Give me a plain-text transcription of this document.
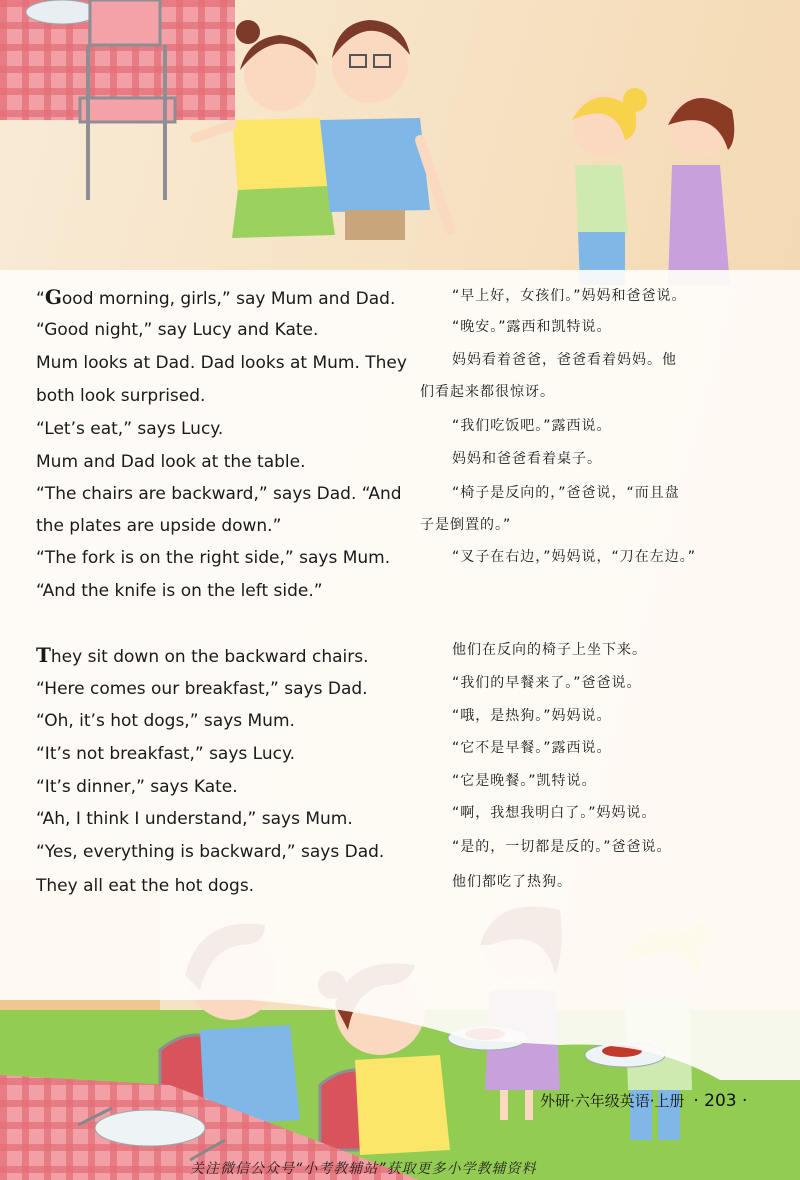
“Good morning, girls,” say Mum and Dad.
“Good night,” say Lucy and Kate.
Mum looks at Dad. Dad looks at Mum. They
both look surprised.
“Let’s eat,” says Lucy.
Mum and Dad look at the table.
“The chairs are backward,” says Dad. “And
the plates are upside down.”
“The fork is on the right side,” says Mum.
“And the knife is on the left side.”
They sit down on the backward chairs.
“Here comes our breakfast,” says Dad.
“Oh, it’s hot dogs,” says Mum.
“It’s not breakfast,” says Lucy.
“It’s dinner,” says Kate.
“Ah, I think I understand,” says Mum.
“Yes, everything is backward,” says Dad.
They all eat the hot dogs.
“早上好，女孩们。”妈妈和爸爸说。
“晚安。”露西和凯特说。
妈妈看着爸爸，爸爸看着妈妈。他
们看起来都很惊讶。
“我们吃饭吧。”露西说。
妈妈和爸爸看着桌子。
“椅子是反向的，”爸爸说，“而且盘
子是倒置的。”
“叉子在右边，”妈妈说，“刀在左边。”
他们在反向的椅子上坐下来。
“我们的早餐来了。”爸爸说。
“哦，是热狗。”妈妈说。
“它不是早餐。”露西说。
“它是晚餐。”凯特说。
“啊，我想我明白了。”妈妈说。
“是的，一切都是反的。”爸爸说。
他们都吃了热狗。
外研·六年级英语·上册 · 203 ·
关注微信公众号“小考教辅站”获取更多小学教辅资料
